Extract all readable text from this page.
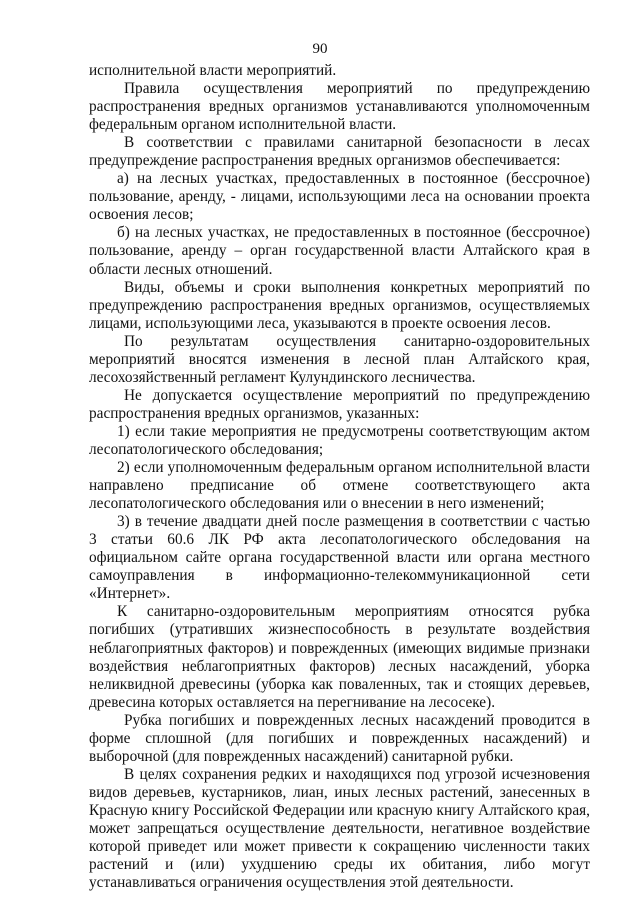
90

исполнительной власти мероприятий.

Правила осуществления мероприятий по предупреждению распространения вредных организмов устанавливаются уполномоченным федеральным органом исполнительной власти.

В соответствии с правилами санитарной безопасности в лесах предупреждение распространения вредных организмов обеспечивается:

а) на лесных участках, предоставленных в постоянное (бессрочное) пользование, аренду, - лицами, использующими леса на основании проекта освоения лесов;

б) на лесных участках, не предоставленных в постоянное (бессрочное) пользование, аренду – орган государственной власти Алтайского края в области лесных отношений.

Виды, объемы и сроки выполнения конкретных мероприятий по предупреждению распространения вредных организмов, осуществляемых лицами, использующими леса, указываются в проекте освоения лесов.

По результатам осуществления санитарно-оздоровительных мероприятий вносятся изменения в лесной план Алтайского края, лесохозяйственный регламент Кулундинского лесничества.

Не допускается осуществление мероприятий по предупреждению распространения вредных организмов, указанных:

1) если такие мероприятия не предусмотрены соответствующим актом лесопатологического обследования;

2) если уполномоченным федеральным органом исполнительной власти направлено предписание об отмене соответствующего акта лесопатологического обследования или о внесении в него изменений;

3) в течение двадцати дней после размещения в соответствии с частью 3 статьи 60.6 ЛК РФ акта лесопатологического обследования на официальном сайте органа государственной власти или органа местного самоуправления в информационно-телекоммуникационной сети «Интернет».

К санитарно-оздоровительным мероприятиям относятся рубка погибших (утративших жизнеспособность в результате воздействия неблагоприятных факторов) и поврежденных (имеющих видимые признаки воздействия неблагоприятных факторов) лесных насаждений, уборка неликвидной древесины (уборка как поваленных, так и стоящих деревьев, древесина которых оставляется на перегнивание на лесосеке).

Рубка погибших и поврежденных лесных насаждений проводится в форме сплошной (для погибших и поврежденных насаждений) и выборочной (для поврежденных насаждений) санитарной рубки.

В целях сохранения редких и находящихся под угрозой исчезновения видов деревьев, кустарников, лиан, иных лесных растений, занесенных в Красную книгу Российской Федерации или красную книгу Алтайского края, может запрещаться осуществление деятельности, негативное воздействие которой приведет или может привести к сокращению численности таких растений и (или) ухудшению среды их обитания, либо могут устанавливаться ограничения осуществления этой деятельности.
